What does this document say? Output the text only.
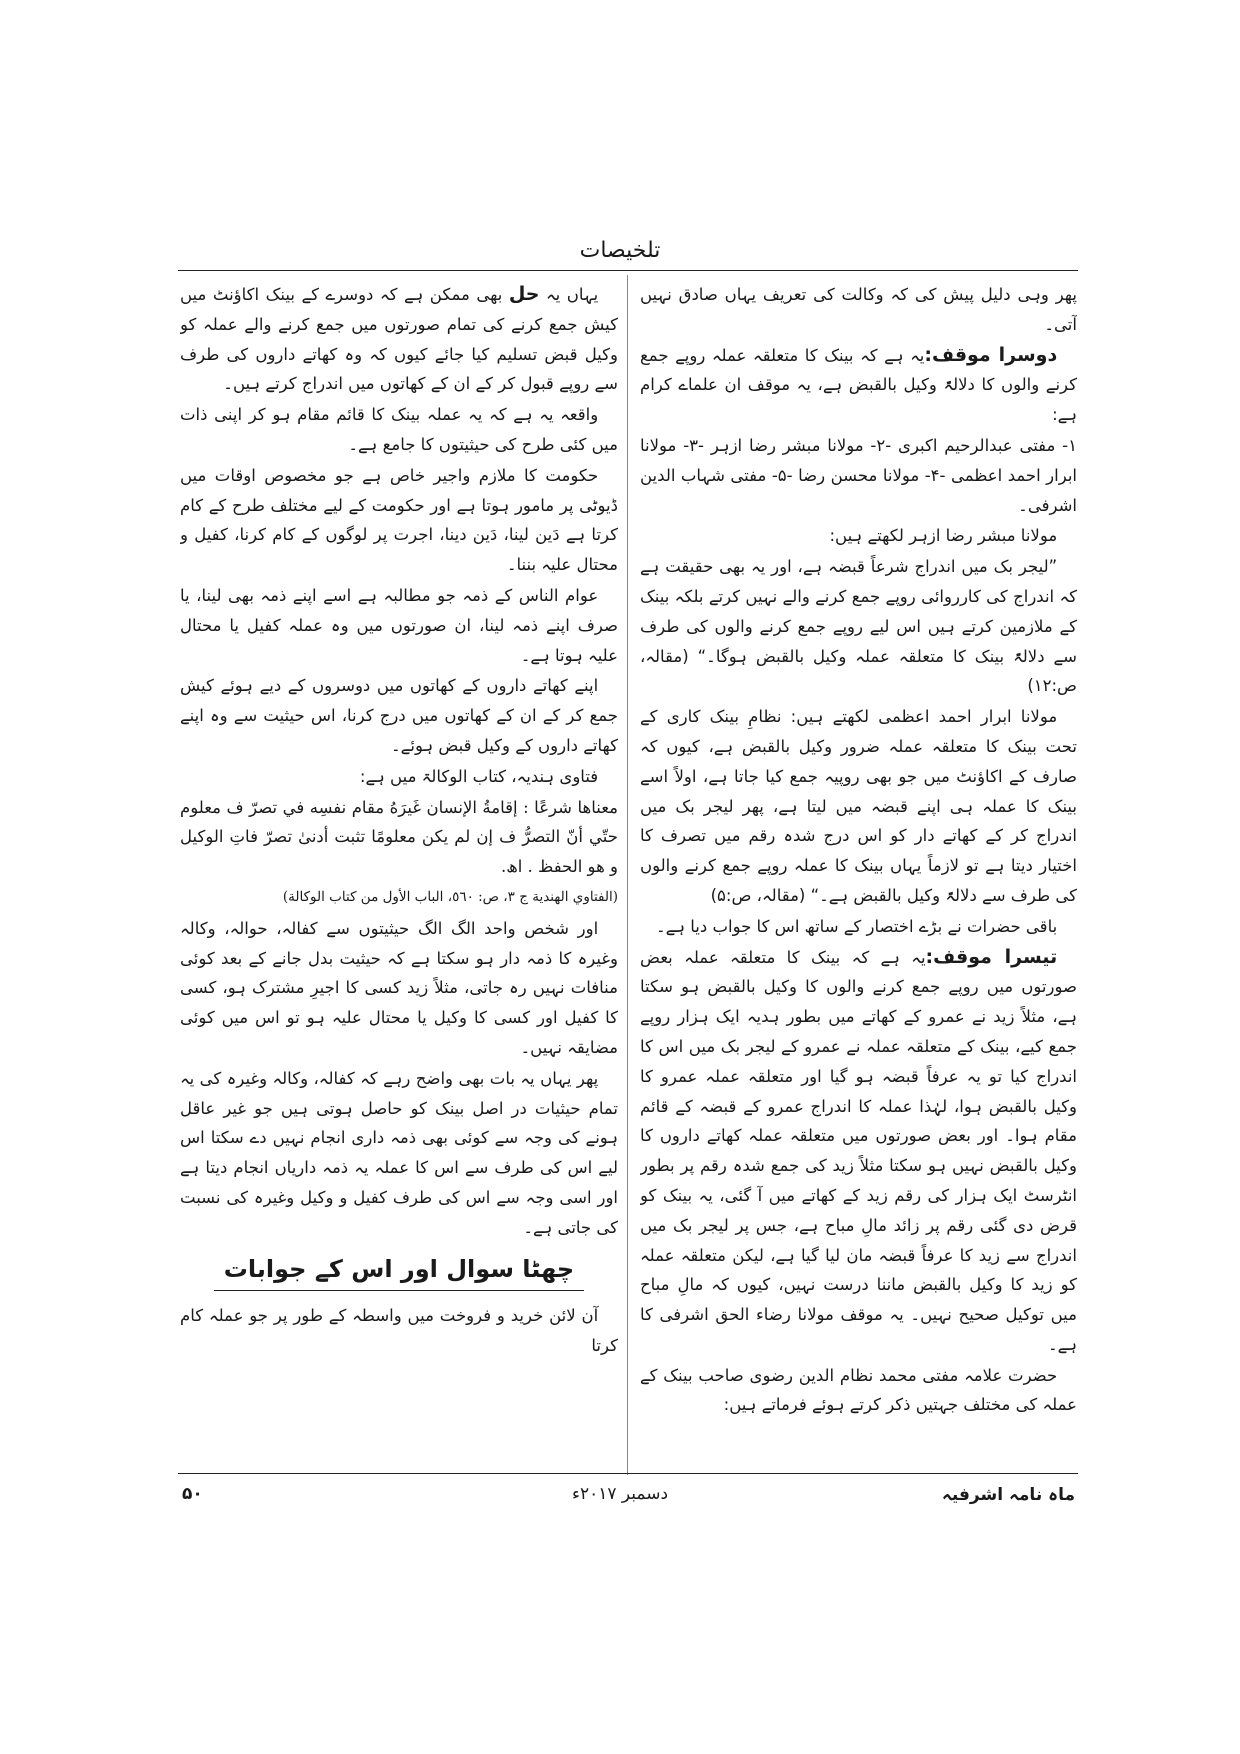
تلخیصات

پھر وہی دلیل پیش کی کہ وکالت کی تعریف یہاں صادق نہیں آتی۔

دوسرا موقف:یہ ہے کہ بینک کا متعلقہ عملہ روپے جمع کرنے والوں کا دلالۃً وکیل بالقبض ہے، یہ موقف ان علماے کرام ہے:

۱- مفتی عبدالرحیم اکبری -۲- مولانا مبشر رضا ازہر -۳- مولانا ابرار احمد اعظمی -۴- مولانا محسن رضا -۵- مفتی شہاب الدین اشرفی۔

مولانا مبشر رضا ازہر لکھتے ہیں:

”لیجر بک میں اندراج شرعاً قبضہ ہے، اور یہ بھی حقیقت ہے کہ اندراج کی کارروائی روپے جمع کرنے والے نہیں کرتے بلکہ بینک کے ملازمین کرتے ہیں اس لیے روپے جمع کرنے والوں کی طرف سے دلالۃً بینک کا متعلقہ عملہ وکیل بالقبض ہوگا۔“ (مقالہ، ص:۱۲)

مولانا ابرار احمد اعظمی لکھتے ہیں: نظامِ بینک کاری کے تحت بینک کا متعلقہ عملہ ضرور وکیل بالقبض ہے، کیوں کہ صارف کے اکاؤنٹ میں جو بھی روپیہ جمع کیا جاتا ہے، اولاً اسے بینک کا عملہ ہی اپنے قبضہ میں لیتا ہے، پھر لیجر بک میں اندراج کر کے کھاتے دار کو اس درج شدہ رقم میں تصرف کا اختیار دیتا ہے تو لازماً یہاں بینک کا عملہ روپے جمع کرنے والوں کی طرف سے دلالۃً وکیل بالقبض ہے۔“ (مقالہ، ص:۵)

باقی حضرات نے بڑے اختصار کے ساتھ اس کا جواب دیا ہے۔

تیسرا موقف:یہ ہے کہ بینک کا متعلقہ عملہ بعض صورتوں میں روپے جمع کرنے والوں کا وکیل بالقبض ہو سکتا ہے، مثلاً زید نے عمرو کے کھاتے میں بطور ہدیہ ایک ہزار روپے جمع کیے، بینک کے متعلقہ عملہ نے عمرو کے لیجر بک میں اس کا اندراج کیا تو یہ عرفاً قبضہ ہو گیا اور متعلقہ عملہ عمرو کا وکیل بالقبض ہوا، لہٰذا عملہ کا اندراج عمرو کے قبضہ کے قائم مقام ہوا۔ اور بعض صورتوں میں متعلقہ عملہ کھاتے داروں کا وکیل بالقبض نہیں ہو سکتا مثلاً زید کی جمع شدہ رقم پر بطور انٹرسٹ ایک ہزار کی رقم زید کے کھاتے میں آ گئی، یہ بینک کو قرض دی گئی رقم پر زائد مالِ مباح ہے، جس پر لیجر بک میں اندراج سے زید کا عرفاً قبضہ مان لیا گیا ہے، لیکن متعلقہ عملہ کو زید کا وکیل بالقبض ماننا درست نہیں، کیوں کہ مالِ مباح میں توکیل صحیح نہیں۔ یہ موقف مولانا رضاء الحق اشرفی کا ہے۔

حضرت علامہ مفتی محمد نظام الدین رضوی صاحب بینک کے عملہ کی مختلف جہتیں ذکر کرتے ہوئے فرماتے ہیں:

یہاں یہ حل بھی ممکن ہے کہ دوسرے کے بینک اکاؤنٹ میں کیش جمع کرنے کی تمام صورتوں میں جمع کرنے والے عملہ کو وکیل قبض تسلیم کیا جائے کیوں کہ وہ کھاتے داروں کی طرف سے روپے قبول کر کے ان کے کھاتوں میں اندراج کرتے ہیں۔

واقعہ یہ ہے کہ یہ عملہ بینک کا قائم مقام ہو کر اپنی ذات میں کئی طرح کی حیثیتوں کا جامع ہے۔

حکومت کا ملازم واجیر خاص ہے جو مخصوص اوقات میں ڈیوٹی پر مامور ہوتا ہے اور حکومت کے لیے مختلف طرح کے کام کرتا ہے دَین لینا، دَین دینا، اجرت پر لوگوں کے کام کرنا، کفیل و محتال علیہ بننا۔

عوام الناس کے ذمہ جو مطالبہ ہے اسے اپنے ذمہ بھی لینا، یا صرف اپنے ذمہ لینا، ان صورتوں میں وہ عملہ کفیل یا محتال علیہ ہوتا ہے۔

اپنے کھاتے داروں کے کھاتوں میں دوسروں کے دیے ہوئے کیش جمع کر کے ان کے کھاتوں میں درج کرنا، اس حیثیت سے وہ اپنے کھاتے داروں کے وکیل قبض ہوئے۔

فتاوی ہندیہ، کتاب الوکالۃ میں ہے:

معناها شرعًا : إقامةُ الإنسان غَيرَهُ مقام نفسِه في تصرّ ف معلوم حتّي أنّ التصرُّ ف إن لم يكن معلومًا تثبت أدنیٰ تصرّ فاتِ الوكيل و هو الحفظ . اھ.

(الفتاوي الهندية ج ٣، ص: ٥٦٠، الباب الأول من كتاب الوكالة)

اور شخص واحد الگ الگ حیثیتوں سے کفالہ، حوالہ، وکالہ وغیرہ کا ذمہ دار ہو سکتا ہے کہ حیثیت بدل جانے کے بعد کوئی منافات نہیں رہ جاتی، مثلاً زید کسی کا اجیرِ مشترک ہو، کسی کا کفیل اور کسی کا وکیل یا محتال علیہ ہو تو اس میں کوئی مضایقہ نہیں۔

پھر یہاں یہ بات بھی واضح رہے کہ کفالہ، وکالہ وغیرہ کی یہ تمام حیثیات در اصل بینک کو حاصل ہوتی ہیں جو غیر عاقل ہونے کی وجہ سے کوئی بھی ذمہ داری انجام نہیں دے سکتا اس لیے اس کی طرف سے اس کا عملہ یہ ذمہ داریاں انجام دیتا ہے اور اسی وجہ سے اس کی طرف کفیل و وکیل وغیرہ کی نسبت کی جاتی ہے۔

چھٹا سوال اور اس کے جوابات

آن لائن خرید و فروخت میں واسطہ کے طور پر جو عملہ کام کرتا

۵۰	دسمبر ۲۰۱۷ء	ماہ نامہ اشرفیہ
